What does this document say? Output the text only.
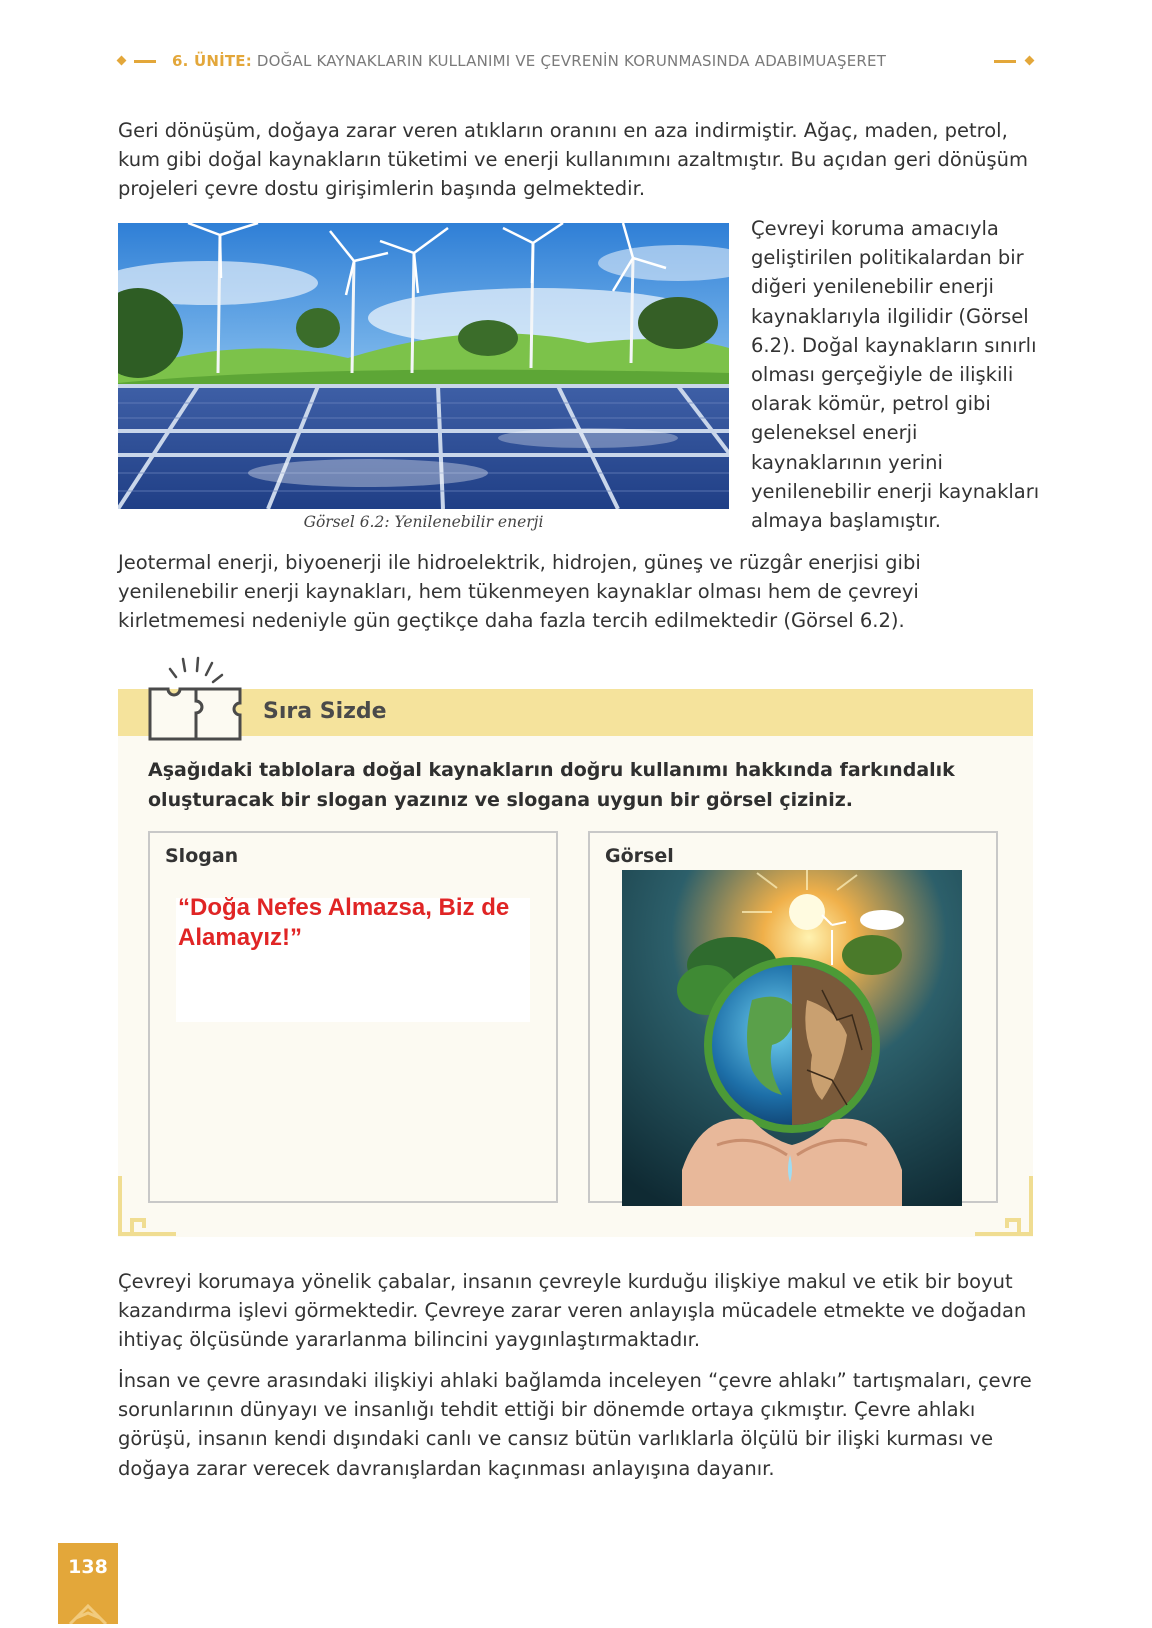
6. ÜNİTE: DOĞAL KAYNAKLARIN KULLANIMI VE ÇEVRENİN KORUNMASINDA ADABIMUAŞERET

Geri dönüşüm, doğaya zarar veren atıkların oranını en aza indirmiştir. Ağaç, maden, petrol, kum gibi doğal kaynakların tüketimi ve enerji kullanımını azaltmıştır. Bu açıdan geri dönüşüm projeleri çevre dostu girişimlerin başında gelmektedir.

Görsel 6.2: Yenilenebilir enerji

Çevreyi koruma amacıyla geliştirilen politikalardan bir diğeri yenilenebilir enerji kaynaklarıyla ilgilidir (Görsel 6.2). Doğal kaynakların sınırlı olması gerçeğiyle de ilişkili olarak kömür, petrol gibi geleneksel enerji kaynaklarının yerini yenilenebilir enerji kaynakları almaya başlamıştır.

Jeotermal enerji, biyoenerji ile hidroelektrik, hidrojen, güneş ve rüzgâr enerjisi gibi yenilenebilir enerji kaynakları, hem tükenmeyen kaynaklar olması hem de çevreyi kirletmemesi nedeniyle gün geçtikçe daha fazla tercih edilmektedir (Görsel 6.2).

Sıra Sizde

Aşağıdaki tablolara doğal kaynakların doğru kullanımı hakkında farkındalık oluşturacak bir slogan yazınız ve slogana uygun bir görsel çiziniz.

Slogan

“Doğa Nefes Almazsa, Biz de Alamayız!”

Görsel

Çevreyi korumaya yönelik çabalar, insanın çevreyle kurduğu ilişkiye makul ve etik bir boyut kazandırma işlevi görmektedir. Çevreye zarar veren anlayışla mücadele etmekte ve doğadan ihtiyaç ölçüsünde yararlanma bilincini yaygınlaştırmaktadır.

İnsan ve çevre arasındaki ilişkiyi ahlaki bağlamda inceleyen “çevre ahlakı” tartışmaları, çevre sorunlarının dünyayı ve insanlığı tehdit ettiği bir dönemde ortaya çıkmıştır. Çevre ahlakı görüşü, insanın kendi dışındaki canlı ve cansız bütün varlıklarla ölçülü bir ilişki kurması ve doğaya zarar verecek davranışlardan kaçınması anlayışına dayanır.

138
